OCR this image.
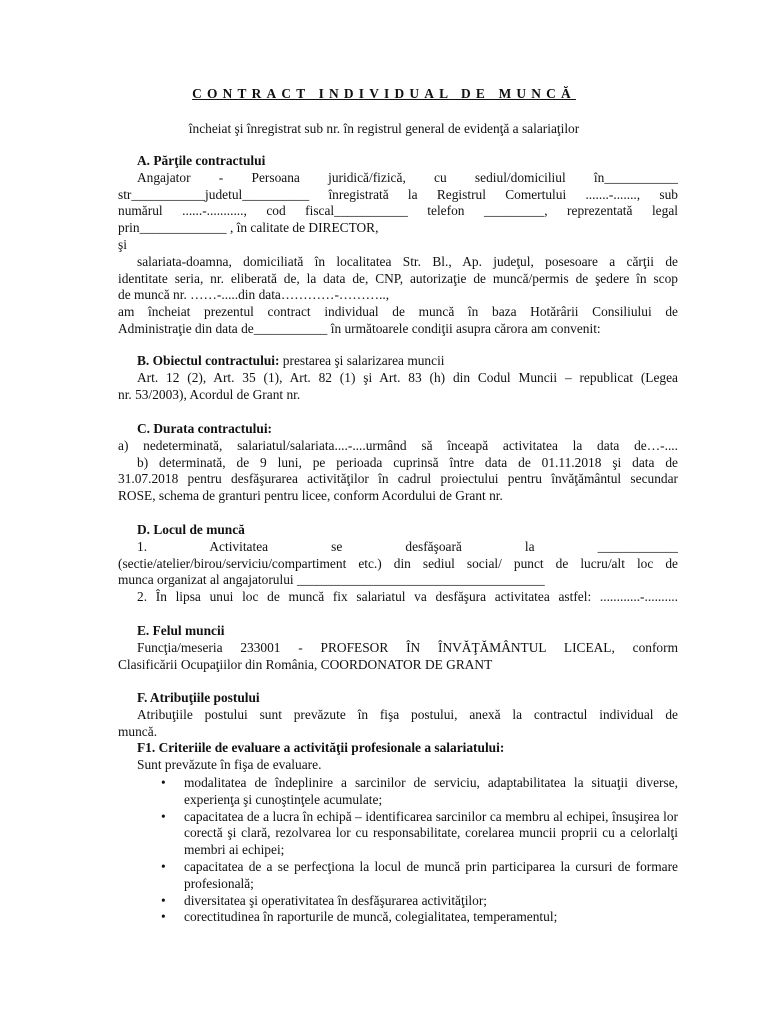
CONTRACT INDIVIDUAL DE MUNCĂ
încheiat şi înregistrat sub nr. în registrul general de evidenţă a salariaţilor
A. Părţile contractului
Angajator - Persoana juridică/fizică, cu sediul/domiciliul în___________
str___________judetul__________ înregistrată la Registrul Comertului .......-......., sub
numărul ......-..........., cod fiscal___________ telefon _________, reprezentată legal
prin_____________ , în calitate de DIRECTOR,
şi
salariata-doamna, domiciliată în localitatea Str. Bl., Ap. judeţul, posesoare a cărţii de
identitate seria, nr. eliberată de, la data de, CNP, autorizaţie de muncă/permis de şedere în scop
de muncă nr. ……-.....din data…………-………..,
am încheiat prezentul contract individual de muncă în baza Hotărârii Consiliului de
Administraţie din data de___________ în următoarele condiţii asupra cărora am convenit:
B. Obiectul contractului: prestarea şi salarizarea muncii
Art. 12 (2), Art. 35 (1), Art. 82 (1) şi Art. 83 (h) din Codul Muncii – republicat (Legea
nr. 53/2003), Acordul de Grant nr.
C. Durata contractului:
a) nedeterminată, salariatul/salariata....-....urmând să înceapă activitatea la data de…-....
b) determinată, de 9 luni, pe perioada cuprinsă între data de 01.11.2018 şi data de
31.07.2018 pentru desfăşurarea activităţilor în cadrul proiectului pentru învăţământul secundar
ROSE, schema de granturi pentru licee, conform Acordului de Grant nr.
D. Locul de muncă
1. Activitatea se desfăşoară la ____________
(sectie/atelier/birou/serviciu/compartiment etc.) din sediul social/ punct de lucru/alt loc de
munca organizat al angajatorului _____________________________________
2. În lipsa unui loc de muncă fix salariatul va desfăşura activitatea astfel: ............-..........
E. Felul muncii
Funcţia/meseria 233001 - PROFESOR ÎN ÎNVĂŢĂMÂNTUL LICEAL, conform
Clasificării Ocupaţiilor din România, COORDONATOR DE GRANT
F. Atribuţiile postului
Atribuţiile postului sunt prevăzute în fişa postului, anexă la contractul individual de
muncă.
F1. Criteriile de evaluare a activităţii profesionale a salariatului:
Sunt prevăzute în fişa de evaluare.
• modalitatea de îndeplinire a sarcinilor de serviciu, adaptabilitatea la situaţii diverse, experienţa şi cunoştinţele acumulate;
• capacitatea de a lucra în echipă – identificarea sarcinilor ca membru al echipei, însuşirea lor corectă şi clară, rezolvarea lor cu responsabilitate, corelarea muncii proprii cu a celorlalţi membri ai echipei;
• capacitatea de a se perfecţiona la locul de muncă prin participarea la cursuri de formare profesională;
• diversitatea şi operativitatea în desfăşurarea activităţilor;
• corectitudinea în raporturile de muncă, colegialitatea, temperamentul;
